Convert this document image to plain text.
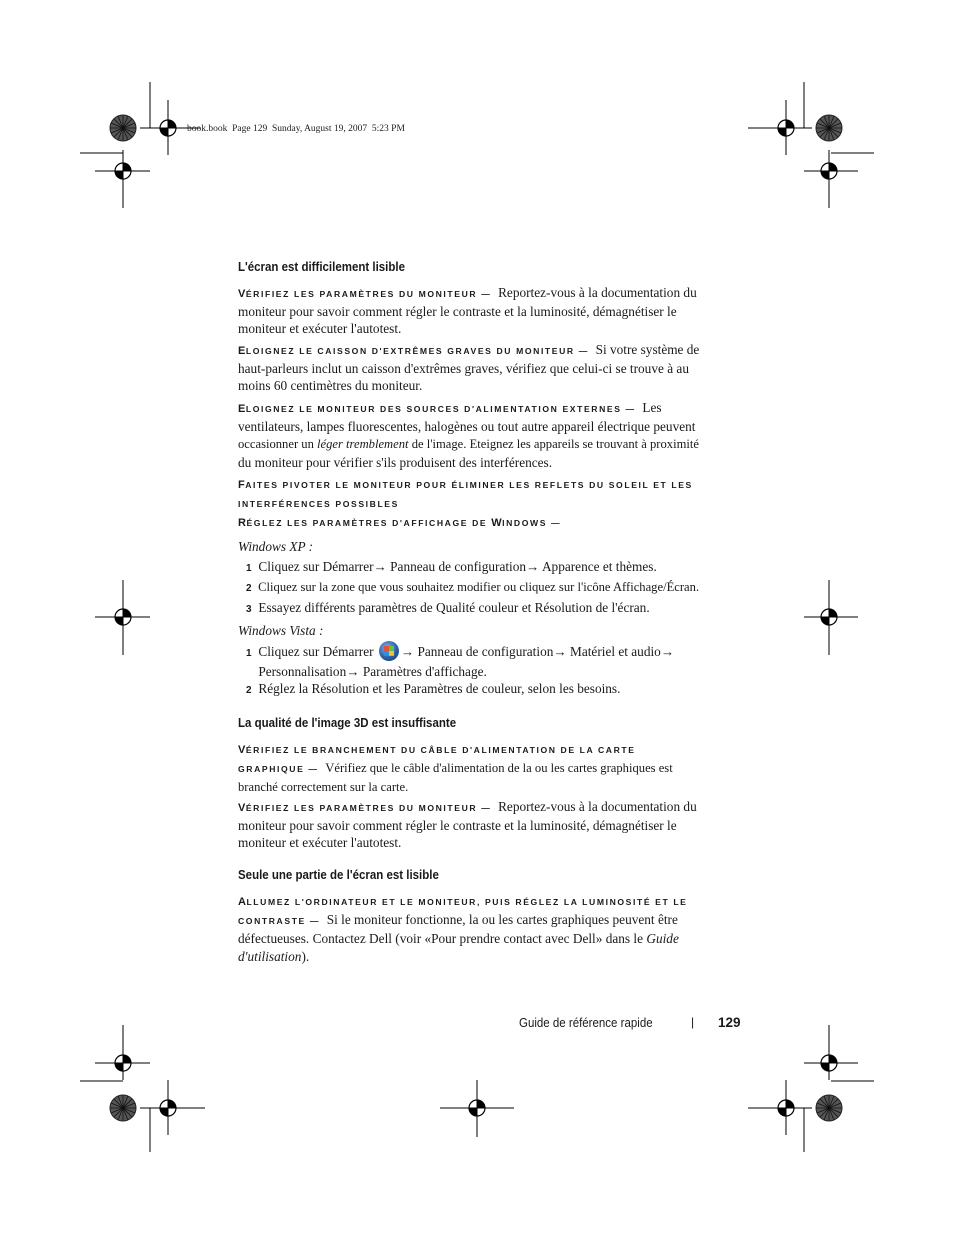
book.book  Page 129  Sunday, August 19, 2007  5:23 PM
L'écran est difficilement lisible
VÉRIFIEZ LES PARAMÈTRES DU MONITEUR — Reportez-vous à la documentation du
moniteur pour savoir comment régler le contraste et la luminosité, démagnétiser le
moniteur et exécuter l'autotest.
ELOIGNEZ LE CAISSON D'EXTRÊMES GRAVES DU MONITEUR — Si votre système de
haut-parleurs inclut un caisson d'extrêmes graves, vérifiez que celui-ci se trouve à au
moins 60 centimètres du moniteur.
ELOIGNEZ LE MONITEUR DES SOURCES D'ALIMENTATION EXTERNES — Les
ventilateurs, lampes fluorescentes, halogènes ou tout autre appareil électrique peuvent
occasionner un léger tremblement de l'image. Eteignez les appareils se trouvant à proximité
du moniteur pour vérifier s'ils produisent des interférences.
FAITES PIVOTER LE MONITEUR POUR ÉLIMINER LES REFLETS DU SOLEIL ET LES
INTERFÉRENCES POSSIBLES
RÉGLEZ LES PARAMÈTRES D'AFFICHAGE DE WINDOWS —
Windows XP :
1 Cliquez sur Démarrer→ Panneau de configuration→ Apparence et thèmes.
2 Cliquez sur la zone que vous souhaitez modifier ou cliquez sur l'icône Affichage/Écran.
3 Essayez différents paramètres de Qualité couleur et Résolution de l'écran.
Windows Vista :
1 Cliquez sur Démarrer → Panneau de configuration→ Matériel et audio→
Personnalisation→ Paramètres d'affichage.
2 Réglez la Résolution et les Paramètres de couleur, selon les besoins.
La qualité de l'image 3D est insuffisante
VÉRIFIEZ LE BRANCHEMENT DU CÂBLE D'ALIMENTATION DE LA CARTE
GRAPHIQUE — Vérifiez que le câble d'alimentation de la ou les cartes graphiques est
branché correctement sur la carte.
VÉRIFIEZ LES PARAMÈTRES DU MONITEUR — Reportez-vous à la documentation du
moniteur pour savoir comment régler le contraste et la luminosité, démagnétiser le
moniteur et exécuter l'autotest.
Seule une partie de l'écran est lisible
ALLUMEZ L'ORDINATEUR ET LE MONITEUR, PUIS RÉGLEZ LA LUMINOSITÉ ET LE
CONTRASTE — Si le moniteur fonctionne, la ou les cartes graphiques peuvent être
défectueuses. Contactez Dell (voir «Pour prendre contact avec Dell» dans le Guide
d'utilisation).
Guide de référence rapide	| 129
